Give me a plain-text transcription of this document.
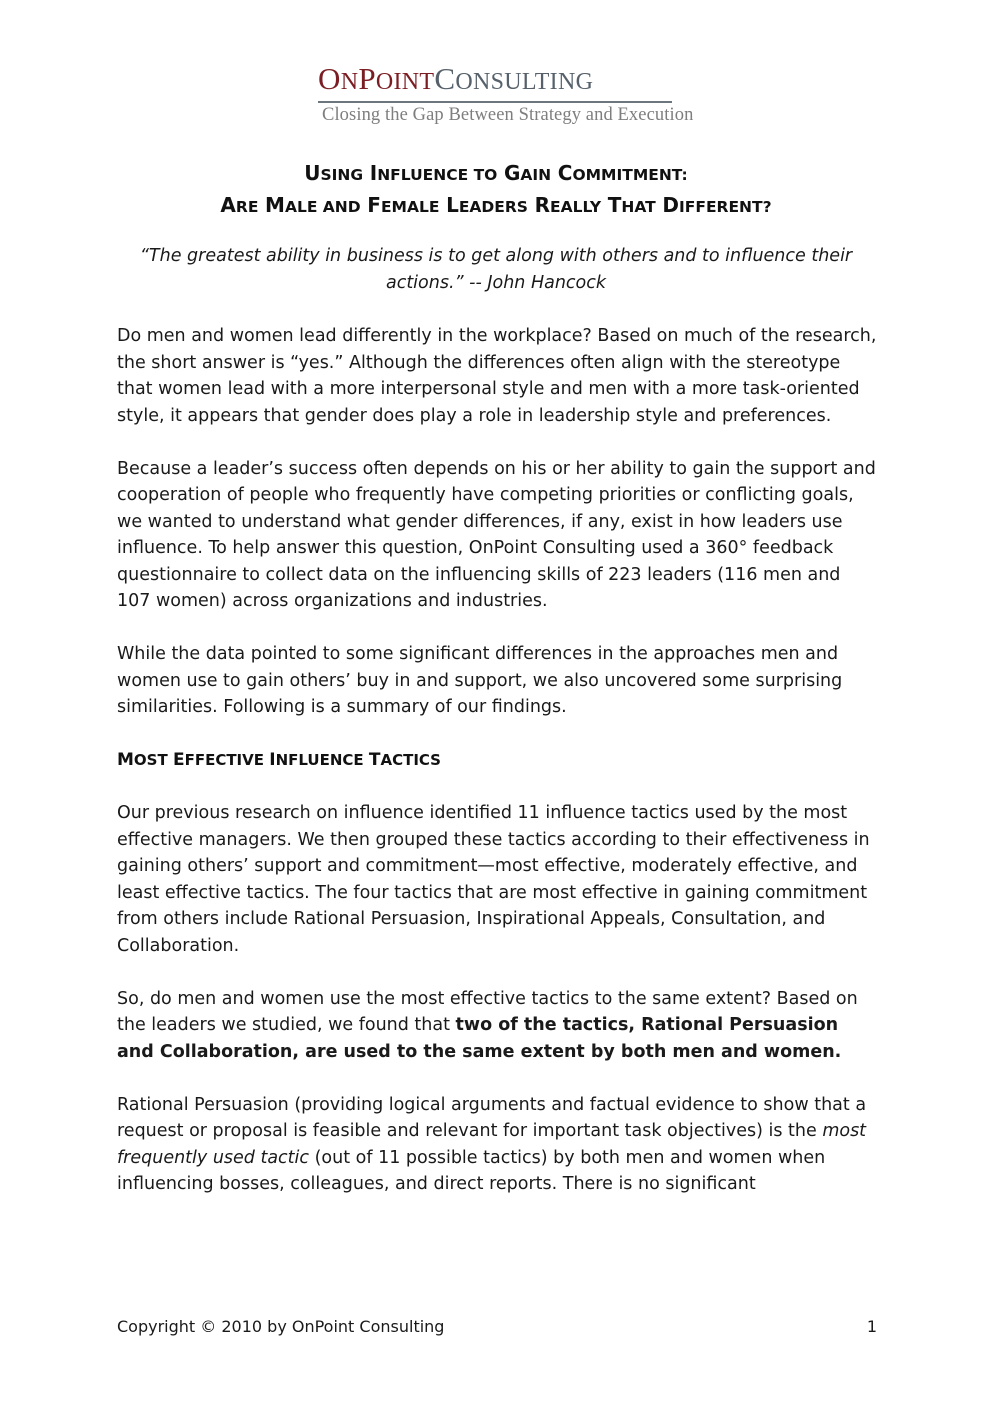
ONPOINTCONSULTING
Closing the Gap Between Strategy and Execution
USING INFLUENCE TO GAIN COMMITMENT:
ARE MALE AND FEMALE LEADERS REALLY THAT DIFFERENT?
“The greatest ability in business is to get along with others and to influence their actions.” -- John Hancock

Do men and women lead differently in the workplace? Based on much of the research, the short answer is “yes.” Although the differences often align with the stereotype that women lead with a more interpersonal style and men with a more task-oriented style, it appears that gender does play a role in leadership style and preferences.

Because a leader’s success often depends on his or her ability to gain the support and cooperation of people who frequently have competing priorities or conflicting goals, we wanted to understand what gender differences, if any, exist in how leaders use influence. To help answer this question, OnPoint Consulting used a 360° feedback questionnaire to collect data on the influencing skills of 223 leaders (116 men and 107 women) across organizations and industries.

While the data pointed to some significant differences in the approaches men and women use to gain others’ buy in and support, we also uncovered some surprising similarities. Following is a summary of our findings.

MOST EFFECTIVE INFLUENCE TACTICS

Our previous research on influence identified 11 influence tactics used by the most effective managers. We then grouped these tactics according to their effectiveness in gaining others’ support and commitment—most effective, moderately effective, and least effective tactics. The four tactics that are most effective in gaining commitment from others include Rational Persuasion, Inspirational Appeals, Consultation, and Collaboration.

So, do men and women use the most effective tactics to the same extent? Based on the leaders we studied, we found that two of the tactics, Rational Persuasion and Collaboration, are used to the same extent by both men and women.

Rational Persuasion (providing logical arguments and factual evidence to show that a request or proposal is feasible and relevant for important task objectives) is the most frequently used tactic (out of 11 possible tactics) by both men and women when influencing bosses, colleagues, and direct reports. There is no significant

Copyright © 2010 by OnPoint Consulting	1
